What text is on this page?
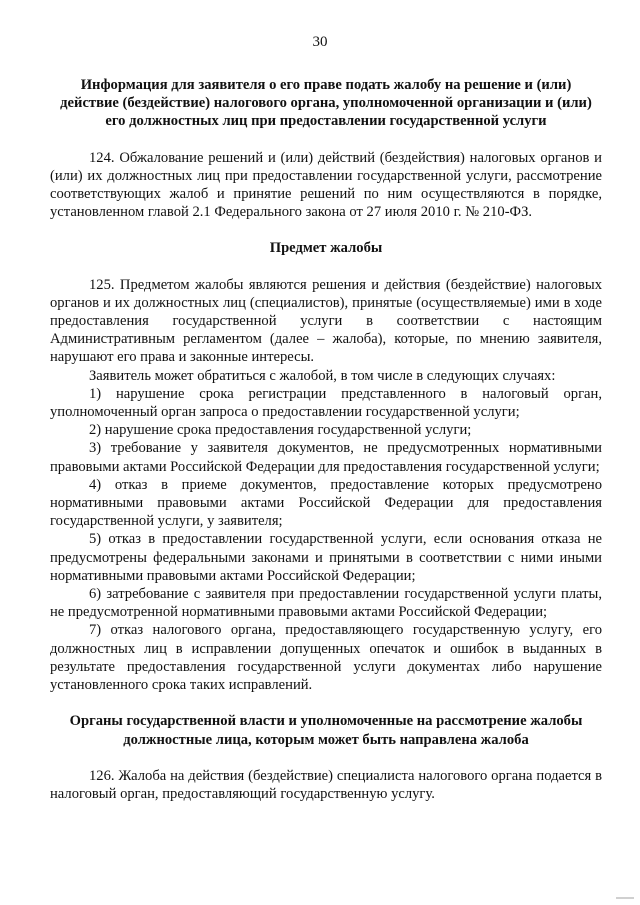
30

Информация для заявителя о его праве подать жалобу на решение и (или) действие (бездействие) налогового органа, уполномоченной организации и (или) его должностных лиц при предоставлении государственной услуги

124. Обжалование решений и (или) действий (бездействия) налоговых органов и (или) их должностных лиц при предоставлении государственной услуги, рассмотрение соответствующих жалоб и принятие решений по ним осуществляются в порядке, установленном главой 2.1 Федерального закона от 27 июля 2010 г. № 210-ФЗ.

Предмет жалобы

125. Предметом жалобы являются решения и действия (бездействие) налоговых органов и их должностных лиц (специалистов), принятые (осуществляемые) ими в ходе предоставления государственной услуги в соответствии с настоящим Административным регламентом (далее – жалоба), которые, по мнению заявителя, нарушают его права и законные интересы.

Заявитель может обратиться с жалобой, в том числе в следующих случаях:

1) нарушение срока регистрации представленного в налоговый орган, уполномоченный орган запроса о предоставлении государственной услуги;

2) нарушение срока предоставления государственной услуги;

3) требование у заявителя документов, не предусмотренных нормативными правовыми актами Российской Федерации для предоставления государственной услуги;

4) отказ в приеме документов, предоставление которых предусмотрено нормативными правовыми актами Российской Федерации для предоставления государственной услуги, у заявителя;

5) отказ в предоставлении государственной услуги, если основания отказа не предусмотрены федеральными законами и принятыми в соответствии с ними иными нормативными правовыми актами Российской Федерации;

6) затребование с заявителя при предоставлении государственной услуги платы, не предусмотренной нормативными правовыми актами Российской Федерации;

7) отказ налогового органа, предоставляющего государственную услугу, его должностных лиц в исправлении допущенных опечаток и ошибок в выданных в результате предоставления государственной услуги документах либо нарушение установленного срока таких исправлений.

Органы государственной власти и уполномоченные на рассмотрение жалобы должностные лица, которым может быть направлена жалоба

126. Жалоба на действия (бездействие) специалиста налогового органа подается в налоговый орган, предоставляющий государственную услугу.
